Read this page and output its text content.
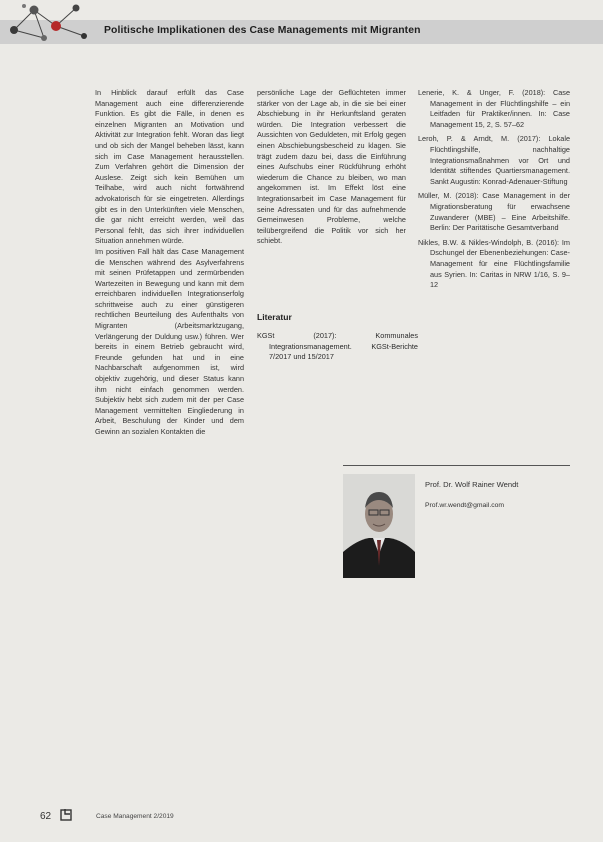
Politische Implikationen des Case Managements mit Migranten

In Hinblick darauf erfüllt das Case Management auch eine differenzierende Funktion. Es gibt die Fälle, in denen es einzelnen Migranten an Motivation und Aktivität zur Integration fehlt. Woran das liegt und ob sich der Mangel beheben lässt, kann sich im Case Management herausstellen. Zum Verfahren gehört die Dimension der Auslese. Zeigt sich kein Bemühen um Teilhabe, wird auch nicht fortwährend advokatorisch für sie eingetreten. Allerdings gibt es in den Unterkünften viele Menschen, die gar nicht erreicht werden, weil das Personal fehlt, das sich ihrer individuellen Situation annehmen würde.

Im positiven Fall hält das Case Management die Menschen während des Asylverfahrens mit seinen Prüfetappen und zermürbenden Wartezeiten in Bewegung und kann mit dem erreichbaren individuellen Integrationserfolg schrittweise auch zu einer günstigeren rechtlichen Beurteilung des Aufenthalts von Migranten (Arbeitsmarktzugang, Verlängerung der Duldung usw.) führen. Wer bereits in einem Betrieb gebraucht wird, Freunde gefunden hat und in eine Nachbarschaft aufgenommen ist, wird objektiv zugehörig, und dieser Status kann ihm nicht einfach genommen werden. Subjektiv hebt sich zudem mit der per Case Management vermittelten Eingliederung in Arbeit, Beschulung der Kinder und dem Gewinn an sozialen Kontakten die

persönliche Lage der Geflüchteten immer stärker von der Lage ab, in die sie bei einer Abschiebung in ihr Herkunftsland geraten würden. Die Integration verbessert die Aussichten von Geduldeten, mit Erfolg gegen einen Abschiebungsbescheid zu klagen. Sie trägt zudem dazu bei, dass die Einführung eines Aufschubs einer Rückführung erhöht wiederum die Chance zu bleiben, wo man angekommen ist. Im Effekt löst eine Integrationsarbeit im Case Management für seine Adressaten und für das aufnehmende Gemeinwesen Probleme, welche teilübergreifend die Politik vor sich her schiebt.

Literatur
KGSt (2017): Kommunales Integrationsmanagement. KGSt-Berichte 7/2017 und 15/2017
Lenerie, K. & Unger, F. (2018): Case Management in der Flüchtlingshilfe – ein Leitfaden für Praktiker/innen. In: Case Management 15, 2, S. 57–62
Leroh, P. & Arndt, M. (2017): Lokale Flüchtlingshilfe, nachhaltige Integrationsmaßnahmen vor Ort und Identität stiftendes Quartiersmanagement. Sankt Augustin: Konrad-Adenauer-Stiftung
Müller, M. (2018): Case Management in der Migrationsberatung für erwachsene Zuwanderer (MBE) – Eine Arbeitshilfe. Berlin: Der Paritätische Gesamtverband
Nikles, B.W. & Nikles-Windolph, B. (2016): Im Dschungel der Ebenenbeziehungen: Case-Management für eine Flüchtlingsfamilie aus Syrien. In: Caritas in NRW 1/16, S. 9–12
Prof. Dr. Wolf Rainer Wendt
Prof.wr.wendt@gmail.com
62	Case Management 2/2019
